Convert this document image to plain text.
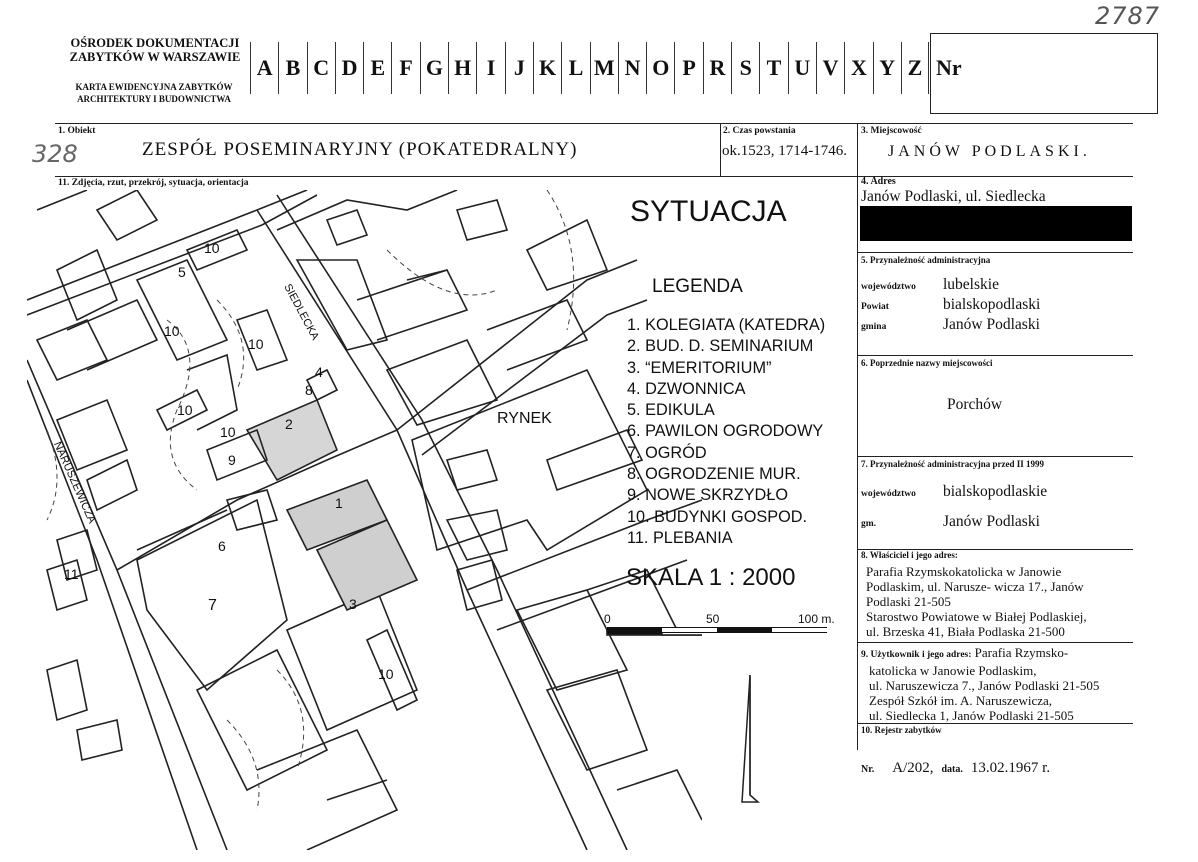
2787
OŚRODEK DOKUMENTACJI
ZABYTKÓW W WARSZAWIE
KARTA EWIDENCYJNA ZABYTKÓW
ARCHITEKTURY I BUDOWNICTWA
A B C D E F G H I J K L M N O P R S T U V X Y Z Nr
1. Obiekt
328	ZESPÓŁ POSEMINARYJNY (POKATEDRALNY)
2. Czas powstania
ok.1523, 1714-1746.
3. Miejscowość
JANÓW PODLASKI.
11. Zdjęcia, rzut, przekrój, sytuacja, orientacja	4. Adres
Janów Podlaski, ul. Siedlecka
5. Przynależność administracyjna
województwo	lubelskie
Powiat	bialskopodlaski
gmina	Janów Podlaski
6. Poprzednie nazwy miejscowości
Porchów
7. Przynależność administracyjna przed II 1999
województwo	bialskopodlaskie
gm.	Janów Podlaski
8. Właściciel i jego adres:
Parafia Rzymskokatolicka w Janowie
Podlaskim, ul. Narusze- wicza 17., Janów
Podlaski 21-505
Starostwo Powiatowe w Białej Podlaskiej,
ul. Brzeska 41, Biała Podlaska 21-500
9. Użytkownik i jego adres: Parafia Rzymsko-
katolicka w Janowie Podlaskim,
ul. Naruszewicza 7., Janów Podlaski 21-505
Zespół Szkół im. A. Naruszewicza,
ul. Siedlecka 1, Janów Podlaski 21-505
10. Rejestr zabytków
Nr. A/202, data. 13.02.1967 r.
1
2
3
4
5
6
7
8
9
10
10
10
10
10
10
11
RYNEK
SIEDLECKA
NARUSZEWICZA
SYTUACJA
LEGENDA
1. KOLEGIATA (KATEDRA)
2. BUD. D. SEMINARIUM
3. “EMERITORIUM”
4. DZWONNICA
5. EDIKULA
6. PAWILON OGRODOWY
7. OGRÓD
8. OGRODZENIE MUR.
9. NOWE SKRZYDŁO
10. BUDYNKI GOSPOD.
11. PLEBANIA
SKALA 1 : 2000
0	50	100 m.
